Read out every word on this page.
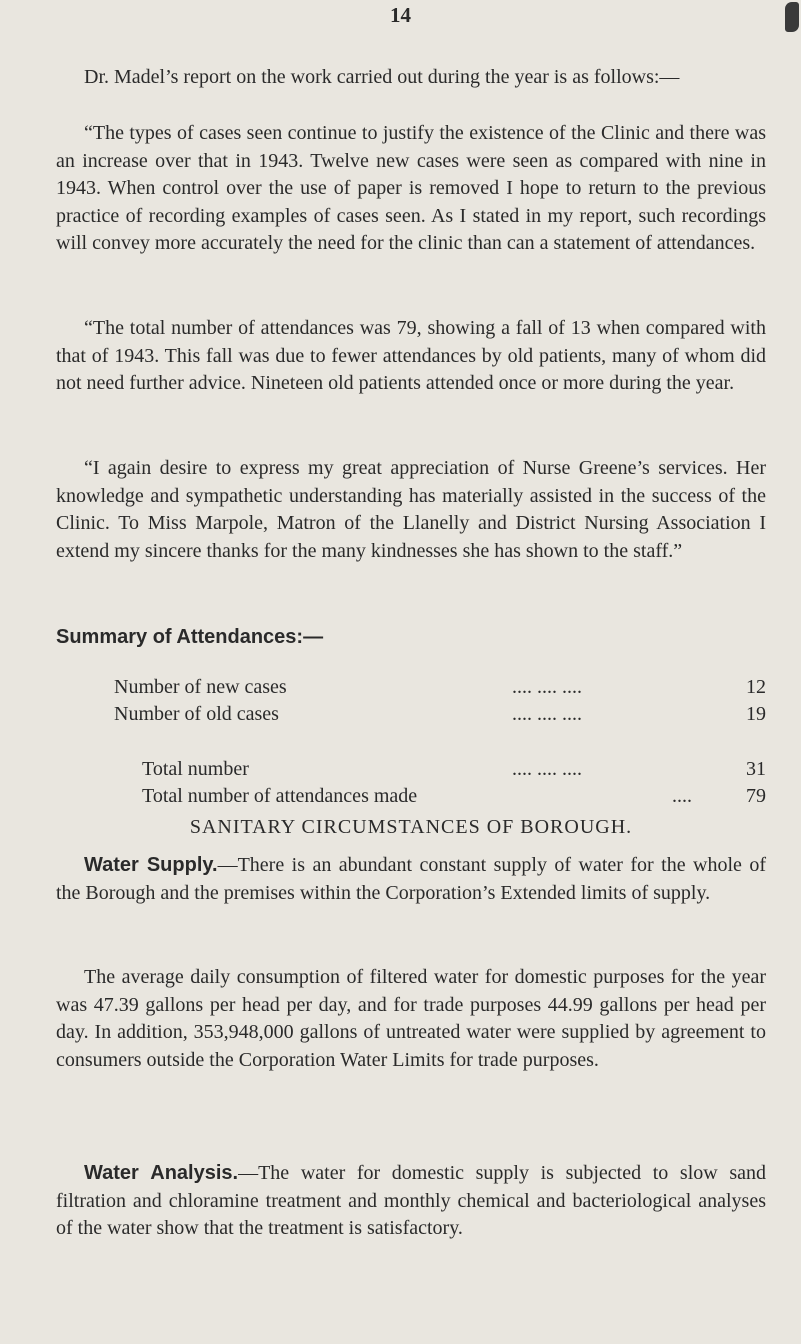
14

Dr. Madel’s report on the work carried out during the year is as follows:—

“The types of cases seen continue to justify the existence of the Clinic and there was an increase over that in 1943. Twelve new cases were seen as compared with nine in 1943. When control over the use of paper is removed I hope to return to the previous practice of recording examples of cases seen. As I stated in my report, such recordings will convey more accurately the need for the clinic than can a statement of attendances.

“The total number of attendances was 79, showing a fall of 13 when compared with that of 1943. This fall was due to fewer attendances by old patients, many of whom did not need further advice. Nineteen old patients attended once or more during the year.

“I again desire to express my great appreciation of Nurse Greene’s services. Her knowledge and sympathetic understanding has materially assisted in the success of the Clinic. To Miss Marpole, Matron of the Llanelly and District Nursing Association I extend my sincere thanks for the many kindnesses she has shown to the staff.”

Summary of Attendances:—

Number of new cases	.... .... ....	12
Number of old cases	.... .... ....	19
Total number	.... .... ....	31
Total number of attendances made	....	79
SANITARY CIRCUMSTANCES OF BOROUGH.

Water Supply.—There is an abundant constant supply of water for the whole of the Borough and the premises within the Corporation’s Extended limits of supply.

The average daily consumption of filtered water for domestic purposes for the year was 47.39 gallons per head per day, and for trade purposes 44.99 gallons per head per day. In addition, 353,948,000 gallons of untreated water were supplied by agreement to consumers outside the Corporation Water Limits for trade purposes.

Water Analysis.—The water for domestic supply is subjected to slow sand filtration and chloramine treatment and monthly chemical and bacteriological analyses of the water show that the treatment is satisfactory.
